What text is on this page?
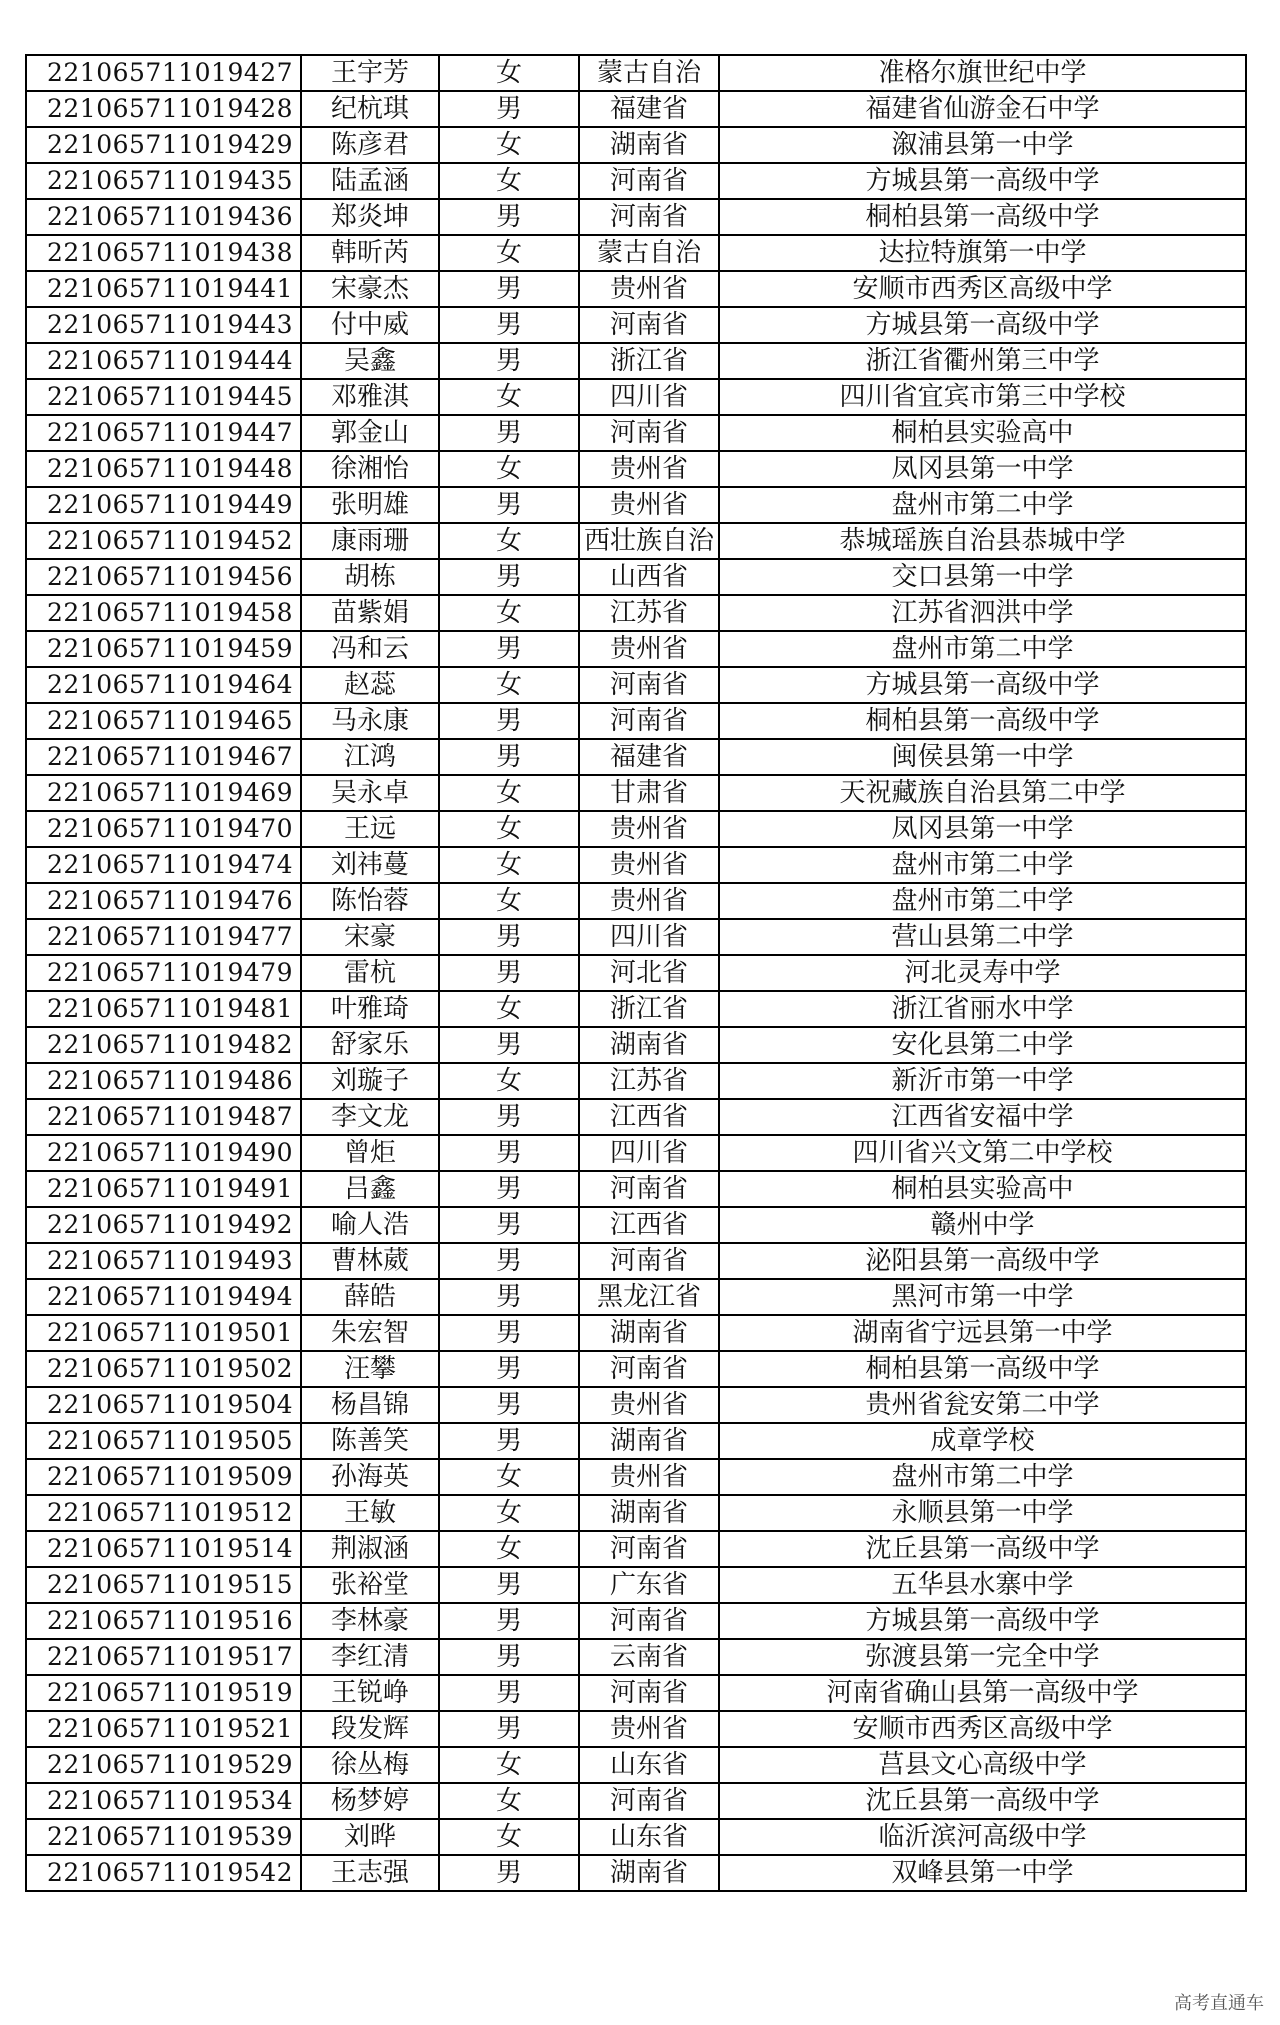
221065711019427	王宇芳	女	蒙古自治	准格尔旗世纪中学
221065711019428	纪杭琪	男	福建省	福建省仙游金石中学
221065711019429	陈彦君	女	湖南省	溆浦县第一中学
221065711019435	陆孟涵	女	河南省	方城县第一高级中学
221065711019436	郑炎坤	男	河南省	桐柏县第一高级中学
221065711019438	韩昕芮	女	蒙古自治	达拉特旗第一中学
221065711019441	宋豪杰	男	贵州省	安顺市西秀区高级中学
221065711019443	付中威	男	河南省	方城县第一高级中学
221065711019444	吴鑫	男	浙江省	浙江省衢州第三中学
221065711019445	邓雅淇	女	四川省	四川省宜宾市第三中学校
221065711019447	郭金山	男	河南省	桐柏县实验高中
221065711019448	徐湘怡	女	贵州省	凤冈县第一中学
221065711019449	张明雄	男	贵州省	盘州市第二中学
221065711019452	康雨珊	女	西壮族自治	恭城瑶族自治县恭城中学
221065711019456	胡栋	男	山西省	交口县第一中学
221065711019458	苗紫娟	女	江苏省	江苏省泗洪中学
221065711019459	冯和云	男	贵州省	盘州市第二中学
221065711019464	赵蕊	女	河南省	方城县第一高级中学
221065711019465	马永康	男	河南省	桐柏县第一高级中学
221065711019467	江鸿	男	福建省	闽侯县第一中学
221065711019469	吴永卓	女	甘肃省	天祝藏族自治县第二中学
221065711019470	王远	女	贵州省	凤冈县第一中学
221065711019474	刘祎蔓	女	贵州省	盘州市第二中学
221065711019476	陈怡蓉	女	贵州省	盘州市第二中学
221065711019477	宋豪	男	四川省	营山县第二中学
221065711019479	雷杭	男	河北省	河北灵寿中学
221065711019481	叶雅琦	女	浙江省	浙江省丽水中学
221065711019482	舒家乐	男	湖南省	安化县第二中学
221065711019486	刘璇子	女	江苏省	新沂市第一中学
221065711019487	李文龙	男	江西省	江西省安福中学
221065711019490	曾炬	男	四川省	四川省兴文第二中学校
221065711019491	吕鑫	男	河南省	桐柏县实验高中
221065711019492	喻人浩	男	江西省	赣州中学
221065711019493	曹林葳	男	河南省	泌阳县第一高级中学
221065711019494	薛皓	男	黑龙江省	黑河市第一中学
221065711019501	朱宏智	男	湖南省	湖南省宁远县第一中学
221065711019502	汪攀	男	河南省	桐柏县第一高级中学
221065711019504	杨昌锦	男	贵州省	贵州省瓮安第二中学
221065711019505	陈善笑	男	湖南省	成章学校
221065711019509	孙海英	女	贵州省	盘州市第二中学
221065711019512	王敏	女	湖南省	永顺县第一中学
221065711019514	荆淑涵	女	河南省	沈丘县第一高级中学
221065711019515	张裕堂	男	广东省	五华县水寨中学
221065711019516	李林豪	男	河南省	方城县第一高级中学
221065711019517	李红清	男	云南省	弥渡县第一完全中学
221065711019519	王锐峥	男	河南省	河南省确山县第一高级中学
221065711019521	段发辉	男	贵州省	安顺市西秀区高级中学
221065711019529	徐丛梅	女	山东省	莒县文心高级中学
221065711019534	杨梦婷	女	河南省	沈丘县第一高级中学
221065711019539	刘晔	女	山东省	临沂滨河高级中学
221065711019542	王志强	男	湖南省	双峰县第一中学
高考直通车
